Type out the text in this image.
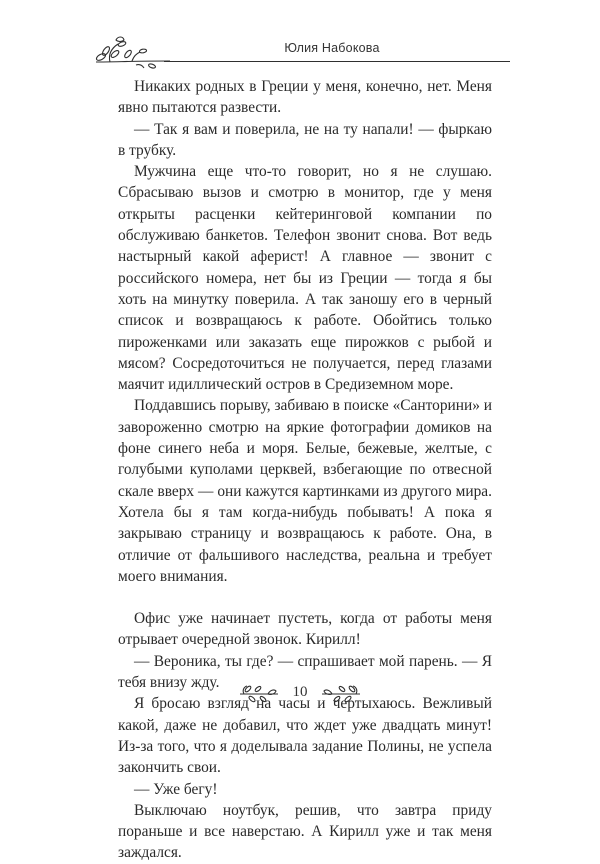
Юлия Набокова

Никаких родных в Греции у меня, конечно, нет. Меня явно пытаются развести.

— Так я вам и поверила, не на ту напали! — фыркаю в трубку.

Мужчина еще что-то говорит, но я не слушаю. Сбрасываю вызов и смотрю в монитор, где у меня открыты расценки кейтеринговой компании по обслуживаю банкетов. Телефон звонит снова. Вот ведь настырный какой аферист! А главное — звонит с российского номера, нет бы из Греции — тогда я бы хоть на минутку поверила. А так заношу его в черный список и возвращаюсь к работе. Обойтись только пироженками или заказать еще пирожков с рыбой и мясом? Сосредоточиться не получается, перед глазами маячит идиллический остров в Средиземном море.

Поддавшись порыву, забиваю в поиске «Санторини» и завороженно смотрю на яркие фотографии домиков на фоне синего неба и моря. Белые, бежевые, желтые, с голубыми куполами церквей, взбегающие по отвесной скале вверх — они кажутся картинками из другого мира. Хотела бы я там когда-нибудь побывать! А пока я закрываю страницу и возвращаюсь к работе. Она, в отличие от фальшивого наследства, реальна и требует моего внимания.

Офис уже начинает пустеть, когда от работы меня отрывает очередной звонок. Кирилл!

— Вероника, ты где? — спрашивает мой парень. — Я тебя внизу жду.

Я бросаю взгляд на часы и чертыхаюсь. Вежливый какой, даже не добавил, что ждет уже двадцать минут! Из-за того, что я доделывала задание Полины, не успела закончить свои.

— Уже бегу!

Выключаю ноутбук, решив, что завтра приду пораньше и все наверстаю. А Кирилл уже и так меня заждался.

10
